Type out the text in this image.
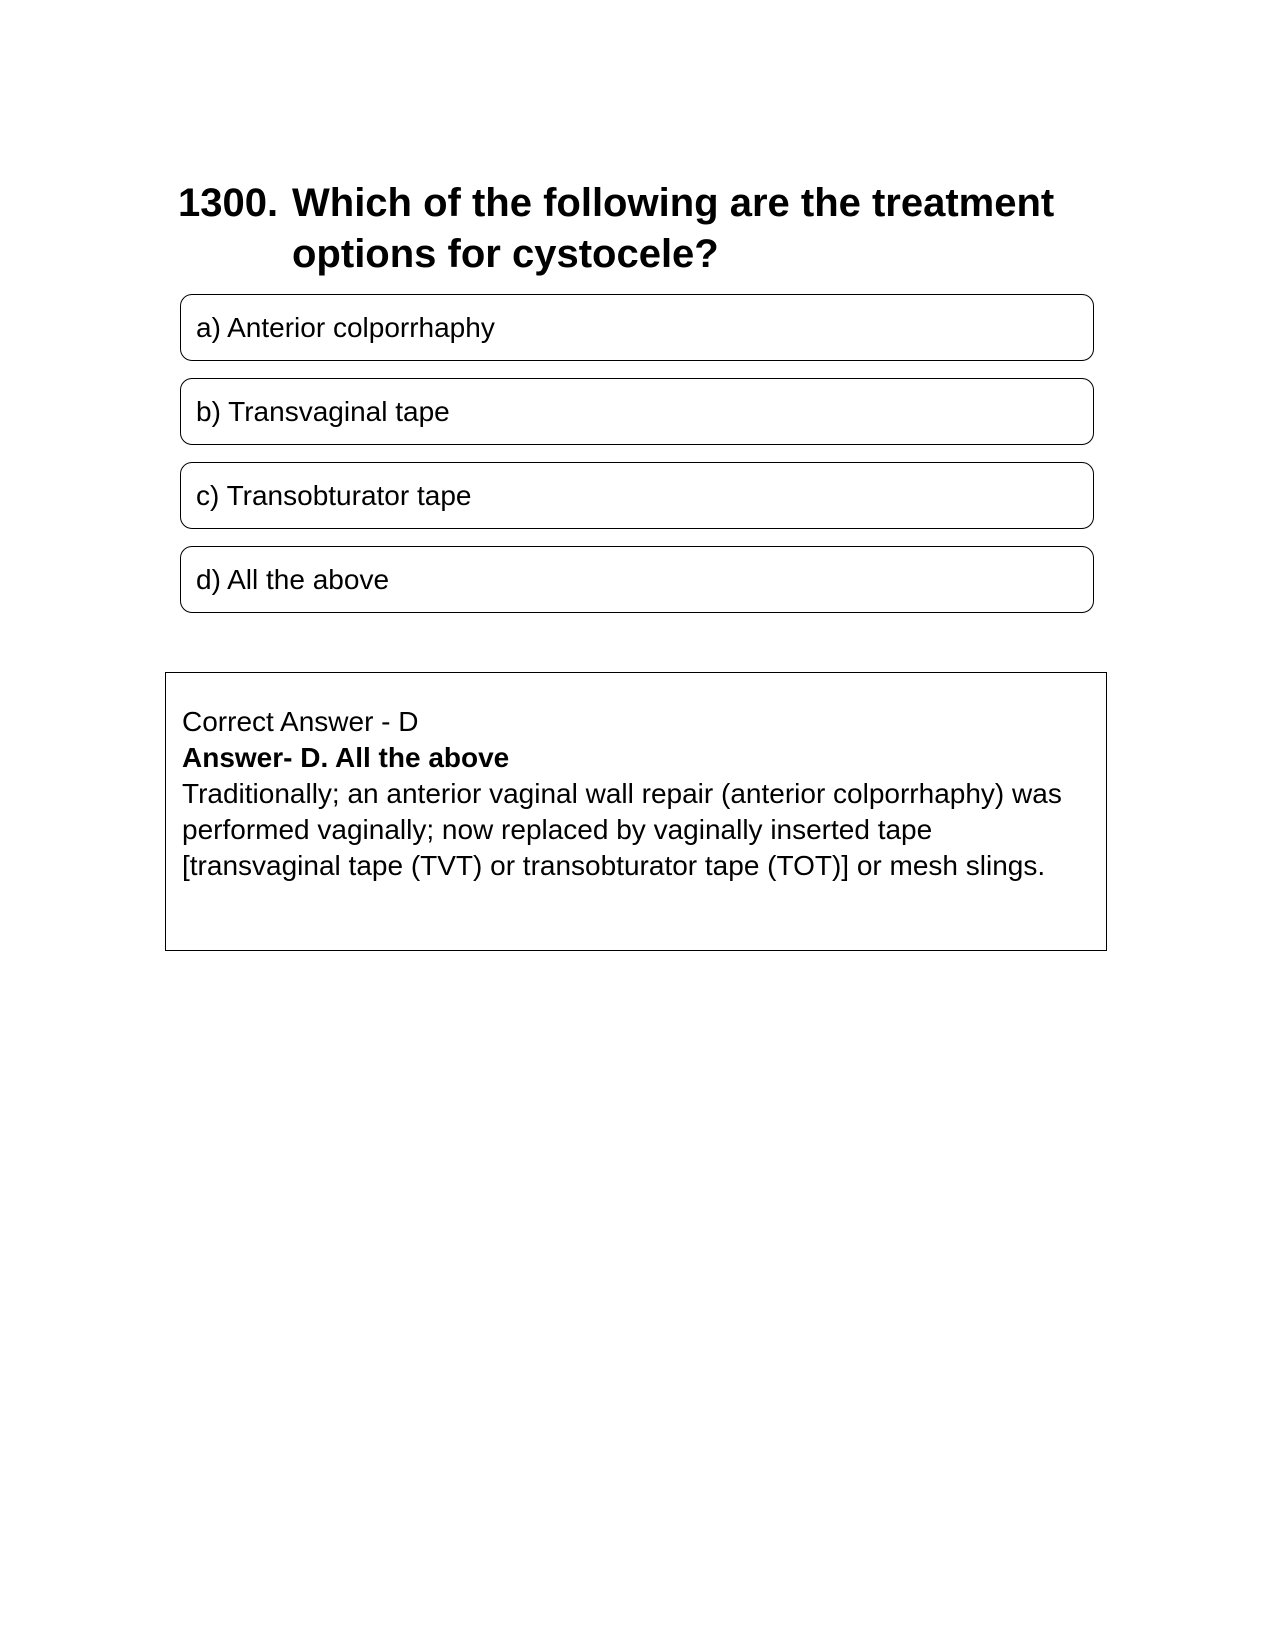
1300. Which of the following are the treatment options for cystocele?
a) Anterior colporrhaphy
b) Transvaginal tape
c) Transobturator tape
d) All the above
Correct Answer - D
Answer- D. All the above
Traditionally; an anterior vaginal wall repair (anterior colporrhaphy) was performed vaginally; now replaced by vaginally inserted tape [transvaginal tape (TVT) or transobturator tape (TOT)] or mesh slings.
